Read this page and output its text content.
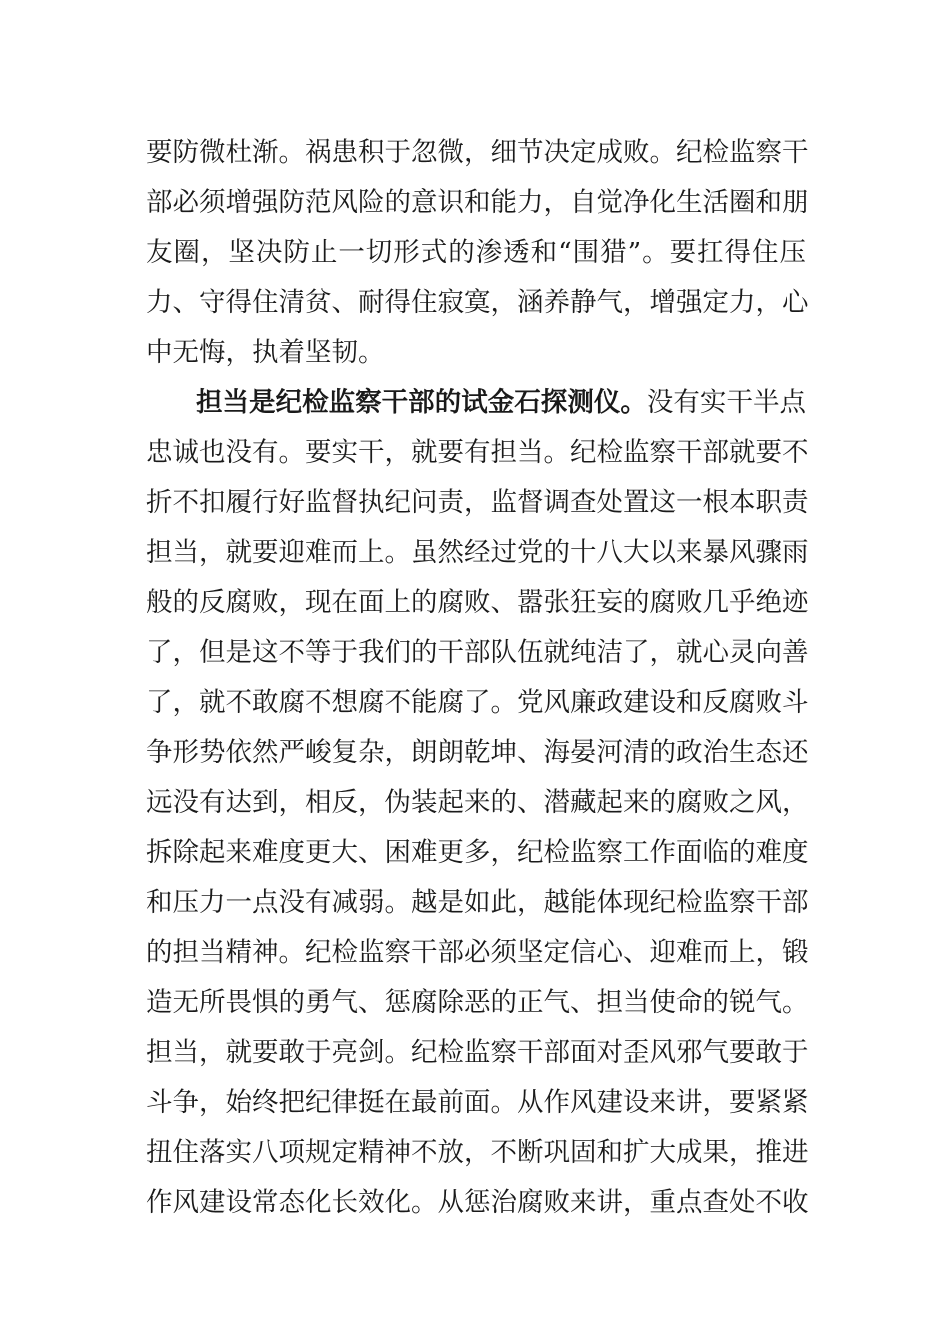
要防微杜渐。祸患积于忽微，细节决定成败。纪检监察干
部必须增强防范风险的意识和能力，自觉净化生活圈和朋
友圈，坚决防止一切形式的渗透和“围猎”。要扛得住压
力、守得住清贫、耐得住寂寞，涵养静气，增强定力，心
中无悔，执着坚韧。
担当是纪检监察干部的试金石探测仪。没有实干半点
忠诚也没有。要实干，就要有担当。纪检监察干部就要不
折不扣履行好监督执纪问责，监督调查处置这一根本职责
担当，就要迎难而上。虽然经过党的十八大以来暴风骤雨
般的反腐败，现在面上的腐败、嚣张狂妄的腐败几乎绝迹
了，但是这不等于我们的干部队伍就纯洁了，就心灵向善
了，就不敢腐不想腐不能腐了。党风廉政建设和反腐败斗
争形势依然严峻复杂，朗朗乾坤、海晏河清的政治生态还
远没有达到，相反，伪装起来的、潜藏起来的腐败之风，
拆除起来难度更大、困难更多，纪检监察工作面临的难度
和压力一点没有减弱。越是如此，越能体现纪检监察干部
的担当精神。纪检监察干部必须坚定信心、迎难而上，锻
造无所畏惧的勇气、惩腐除恶的正气、担当使命的锐气。
担当，就要敢于亮剑。纪检监察干部面对歪风邪气要敢于
斗争，始终把纪律挺在最前面。从作风建设来讲，要紧紧
扭住落实八项规定精神不放，不断巩固和扩大成果，推进
作风建设常态化长效化。从惩治腐败来讲，重点查处不收
